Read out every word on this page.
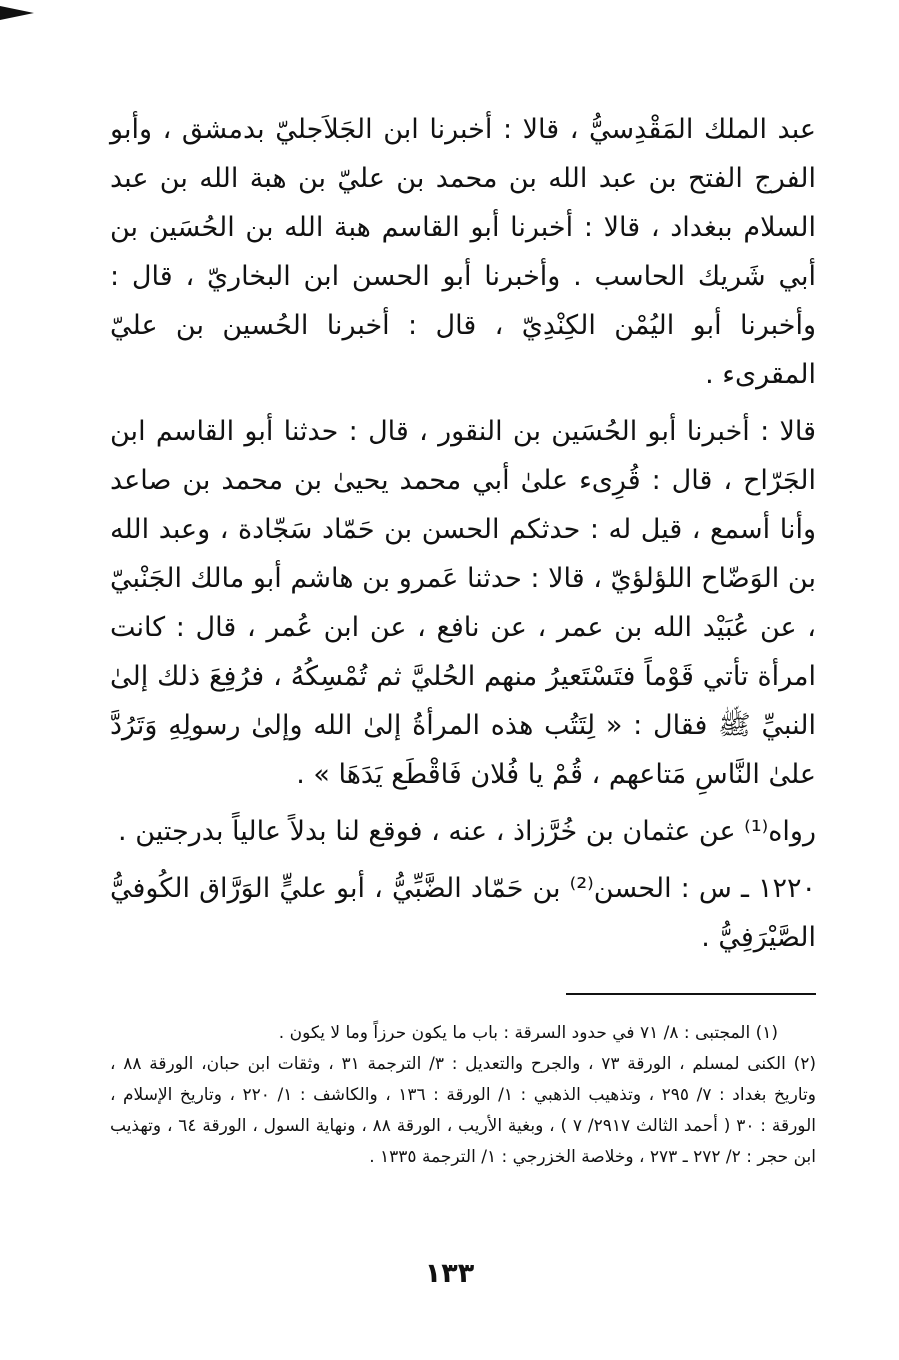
عبد الملك المَقْدِسيُّ ، قالا : أخبرنا ابن الجَلاَجليّ بدمشق ، وأبو الفرج الفتح بن عبد الله بن محمد بن عليّ بن هبة الله بن عبد السلام ببغداد ، قالا : أخبرنا أبو القاسم هبة الله بن الحُسَين بن أبي شَريك الحاسب . وأخبرنا أبو الحسن ابن البخاريّ ، قال : وأخبرنا أبو اليُمْن الكِنْدِيّ ، قال : أخبرنا الحُسين بن عليّ المقرىء .

قالا : أخبرنا أبو الحُسَين بن النقور ، قال : حدثنا أبو القاسم ابن الجَرّاح ، قال : قُرِىء علىٰ أبي محمد يحيىٰ بن محمد بن صاعد وأنا أسمع ، قيل له : حدثكم الحسن بن حَمّاد سَجّادة ، وعبد الله بن الوَضّاح اللؤلؤيّ ، قالا : حدثنا عَمرو بن هاشم أبو مالك الجَنْبيّ ، عن عُبَيْد الله بن عمر ، عن نافع ، عن ابن عُمر ، قال : كانت امرأة تأتي قَوْماً فتَسْتَعيرُ منهم الحُليَّ ثم تُمْسِكُهُ ، فرُفِعَ ذلك إلىٰ النبيِّ ﷺ فقال : « لِتَتُب هذه المرأةُ إلىٰ الله وإلىٰ رسولِهِ وَتَرُدَّ علىٰ النَّاسِ مَتاعهم ، قُمْ يا فُلان فَاقْطَع يَدَهَا » .

رواه⁽¹⁾ عن عثمان بن خُرَّزاذ ، عنه ، فوقع لنا بدلاً عالياً بدرجتين .

١٢٢٠ ـ س : الحسن⁽²⁾ بن حَمّاد الضَّبِّيُّ ، أبو عليٍّ الوَرَّاق الكُوفيُّ الصَّيْرَفِيُّ .

(١) المجتبى : ٨/ ٧١ في حدود السرقة : باب ما يكون حرزاً وما لا يكون .

(٢) الكنى لمسلم ، الورقة ٧٣ ، والجرح والتعديل : ٣/ الترجمة ٣١ ، وثقات ابن حبان، الورقة ٨٨ ، وتاريخ بغداد : ٧/ ٢٩٥ ، وتذهيب الذهبي : ١/ الورقة : ١٣٦ ، والكاشف : ١/ ٢٢٠ ، وتاريخ الإسلام ، الورقة : ٣٠ ( أحمد الثالث ٢٩١٧/ ٧ ) ، وبغية الأريب ، الورقة ٨٨ ، ونهاية السول ، الورقة ٦٤ ، وتهذيب ابن حجر : ٢/ ٢٧٢ ـ ٢٧٣ ، وخلاصة الخزرجي : ١/ الترجمة ١٣٣٥ .

١٣٣
